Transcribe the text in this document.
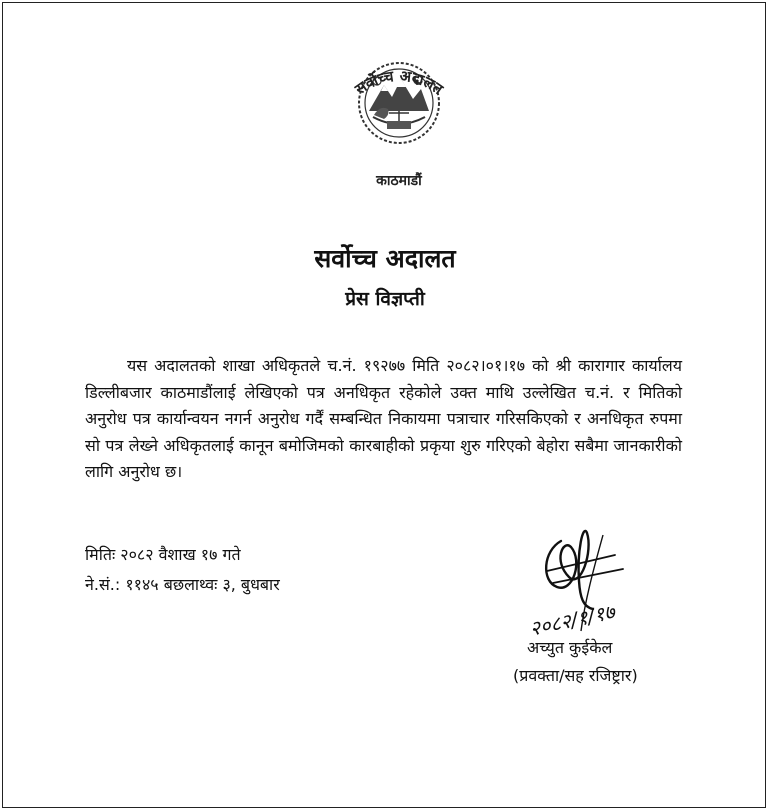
सर्वोच्च अदालत
काठमाडौं
सर्वोच्च अदालत
प्रेस विज्ञप्ती

यस अदालतको शाखा अधिकृतले च.नं. १९२७७ मिति २०८२।०१।१७ को श्री कारागार कार्यालय डिल्लीबजार काठमाडौंलाई लेखिएको पत्र अनधिकृत रहेकोले उक्त माथि उल्लेखित च.नं. र मितिको अनुरोध पत्र कार्यान्वयन नगर्न अनुरोध गर्दैं सम्बन्धित निकायमा पत्राचार गरिसकिएको र अनधिकृत रुपमा सो पत्र लेख्ने अधिकृतलाई कानून बमोजिमको कारबाहीको प्रकृया शुरु गरिएको बेहोरा सबैमा जानकारीको लागि अनुरोध छ।

मितिः २०८२ वैशाख १७ गते
ने.सं.: ११४५ बछलाथ्वः ३, बुधबार
२०८२/१/१७
अच्युत कुईकेल
(प्रवक्ता/सह रजिष्ट्रार)
